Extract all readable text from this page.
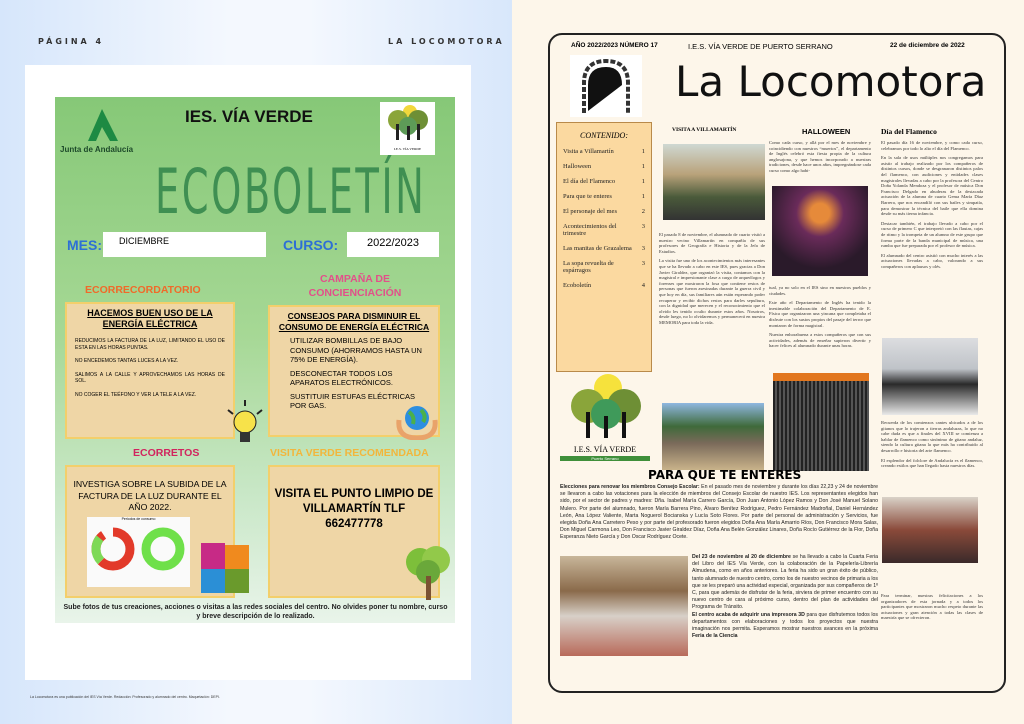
PÁGINA 4	LA LOCOMOTORA
Junta de Andalucía
IES. VÍA VERDE
I.E.S. VÍA VERDE
ECOBOLETÍN
MES:	DICIEMBRE	CURSO:	2022/2023
ECORRECORDATORIO
CAMPAÑA DE CONCIENCIACIÓN
HACEMOS BUEN USO DE LA ENERGÍA ELÉCTRICA

REDUCIMOS LA FACTURA DE LA LUZ, LIMITANDO EL USO DE ESTA EN LAS HORAS PUNTAS.

NO ENCEDEMOS TANTAS LUCES A LA VEZ.

SALIMOS A LA CALLE Y APROVECHAMOS LAS HORAS DE SOL.

NO COGER EL TEÉFONO Y VER LA TELE A LA VEZ.

CONSEJOS PARA DISMINUIR EL CONSUMO DE ENERGÍA ELÉCTRICA

UTILIZAR BOMBILLAS DE BAJO CONSUMO (AHORRAMOS HASTA UN 75% DE ENERGÍA).

DESCONECTAR TODOS LOS APARATOS ELECTRÓNICOS.

SUSTITUIR ESTUFAS ELÉCTRICAS POR GAS.

ECORRETOS	VISITA VERDE RECOMENDADA
INVESTIGA SOBRE LA SUBIDA DE LA FACTURA DE LA LUZ DURANTE EL AÑO 2022.
Periodos de consumo
VISITA EL PUNTO LIMPIO DE VILLAMARTÍN TLF 662477778
Sube fotos de tus creaciones, acciones o visitas a las redes sociales del centro. No olvides poner tu nombre, curso y breve descripción de lo realizado.
La Locomotora es una publicación del IES Vía Verde. Redacción: Profesorado y alumnado del centro. Maquetación: DEPI.
AÑO 2022/2023 NÚMERO 17	I.E.S. VÍA VERDE DE PUERTO SERRANO	22 de diciembre de 2022
La Locomotora
CONTENIDO:
Visita a Villamartín	1
Halloween	1
El día del Flamenco	1
Para que te enteres	1
El personaje del mes	2
Acontecimientos del trimestre
3
Las manitas de Grazalema 3
La sopa revuelta de espárragos
3
Ecoboletín	4
I.E.S. VÍA VERDE
Puerto Serrano
VISITA A VILLAMARTÍN

El pasado 8 de noviembre, el alumnado de cuarto visitó a nuestro vecino Villamartín en compañía de sus profesores de Geografía e Historia y de la Jefa de Estudios.

La visita fue uno de los acontecimientos más interesantes que se ha llevado a cabo en este IES, pues gracias a Don Javier Giraldez, que organizó la visita, contamos con la magistral e impresionante clase a cargo de arqueólogos y forenses que mostraron la fosa que contiene restos de personas que fueron asesinadas durante la guerra civil y que hoy en día, sus familiares aún están esperando poder recuperar y recibir dichos restos para darles sepultura, con la dignidad que merecen y el reconocimiento que el olvido les tenido oculto durante estos años. Nosotros, desde luego, no lo olvidaremos y permanecerá en nuestra MEMORIA para toda la vida.

HALLOWEEN
Como cada curso, y allá por el mes de noviembre y coincidiendo con nuestros “muertos”, el departamento de Inglés celebró esta fiesta propia de la cultura anglosajona, y que hemos incorporado a nuestras tradiciones, desde hace unos años, impregnándose cada curso como algo habi-

tual, ya no solo en el IES sino en nuestros pueblos y ciudades.

Este año el Departamento de Inglés ha tenido la inestimable colaboración del Departamento de E. Física que organizaron una yincana que completaba el disfrute con los sustos propios del pasaje del terror que montaron de forma magistral.

Nuestra enhorabuena a estos compañeros que con sus actividades, además de enseñar supieron divertir y hacer felices al alumnado durante unas horas.

Día del Flamenco

El pasado día 16 de noviembre, y como cada curso, celebramos por todo lo alto el día del Flamenco.

En la sala de usos múltiples nos congregamos para asistir al trabajo realizado por los compañeros de distintos cursos, donde se desgranaron distintos palos del flamenco, con audiciones y entidades clases magistrales llevadas a cabo por la profesora del Centro Doña Yolanda Mendoza y el profesor de música Don Francisco Delgado en ahuderas de la destacada actuación de la alumna de cuarto Gema María Díaz Barrera, que nos encandiló con sus bailes y simpatía, para demostrar la técnica del baile que ella domina desde su más tierna infancia.

Destacar también, el trabajo llevado a cabo por el curso de primero C que interpretó con las flautas, cajas de ritmo y la trompeta de un alumno de este grupo que forma parte de la banda municipal de música, una rumba que fue preparada por el profesor de música.

El alumnado del centro asistió con mucho interés a las actuaciones llevadas a cabo, valorando a sus compañeros con aplausos y olés.

Recuerda de los comienzos cantes ubicados a de los gitanos que lo trajeron a tierras andaluzas, lo que no cabe duda es que a finales del XVIII se comienza a hablar de flamenco como sinónimo de gitano andaluz, siendo la cultura gitana la que más ha contribuido al desarrollo e historia del arte flamenco.

El esplendor del folclore de Andalucía es el flamenco, creando estilos que han llegado hasta nuestros días.

Para terminar, nuestras felicitaciones a los organizadores de esta jornada y a todos los participantes que mostraron mucho respeto durante las actuaciones y gran atención a todas las clases de maestría que se ofrecieron.
PARA QUE TE ENTERES
Elecciones para renovar los miembros Consejo Escolar: En el pasado mes de noviembre y durante los días 22,23 y 24 de noviembre se llevaron a cabo las votaciones para la elección de miembros del Consejo Escolar de nuestro IES. Los representantes elegidos han sido, por el sector de padres y madres: Dña. Isabel María Carrero García, Don Juan Antonio López Ramos y Don José Manuel Solano Mulero. Por parte del alumnado, fueron María Barrera Pino, Álvaro Benítez Rodríguez, Pedro Fernández Madroñal, Daniel Hernández León, Ana López Valiente, Marta Noguerol Bocianska y Lucía Soto Flores. Por parte del personal de administración y Servicios, fue elegida Doña Ana Carretero Peso y por parte del profesorado fueron elegidos Doña Ana María Amarrio Ríos, Don Francisco Mora Salas, Don Miguel Carmona Leo, Don Francisco Javier Giraldez Díaz, Doña Ana Belén González Linares, Doña Rocío Gutiérrez de la Flor, Doña Esperanza Nieto García y Don Oscar Rodríguez Ocete.
Del 23 de noviembre al 20 de diciembre se ha llevado a cabo la Cuarta Feria del Libro del IES Vía Verde, con la colaboración de la Papelería-Librería Almudena, como en años anteriores. La feria ha sido un gran éxito de público, tanto alumnado de nuestro centro, como los de nuestro vecinos de primaria a los que se les preparó una actividad especial, organizada por sus compañeros de 1º C, para que además de disfrutar de la feria, sirviera de primer encuentro con su nuevo centro de cara al próximo curso, dentro del plan de actividades del Programa de Tránsito.
El centro acaba de adquirir una impresora 3D para que disfrutemos todos los departamentos con elaboraciones y todos los proyectos que nuestra imaginación nos permita. Esperamos mostrar nuestros avances en la próxima Feria de la Ciencia
